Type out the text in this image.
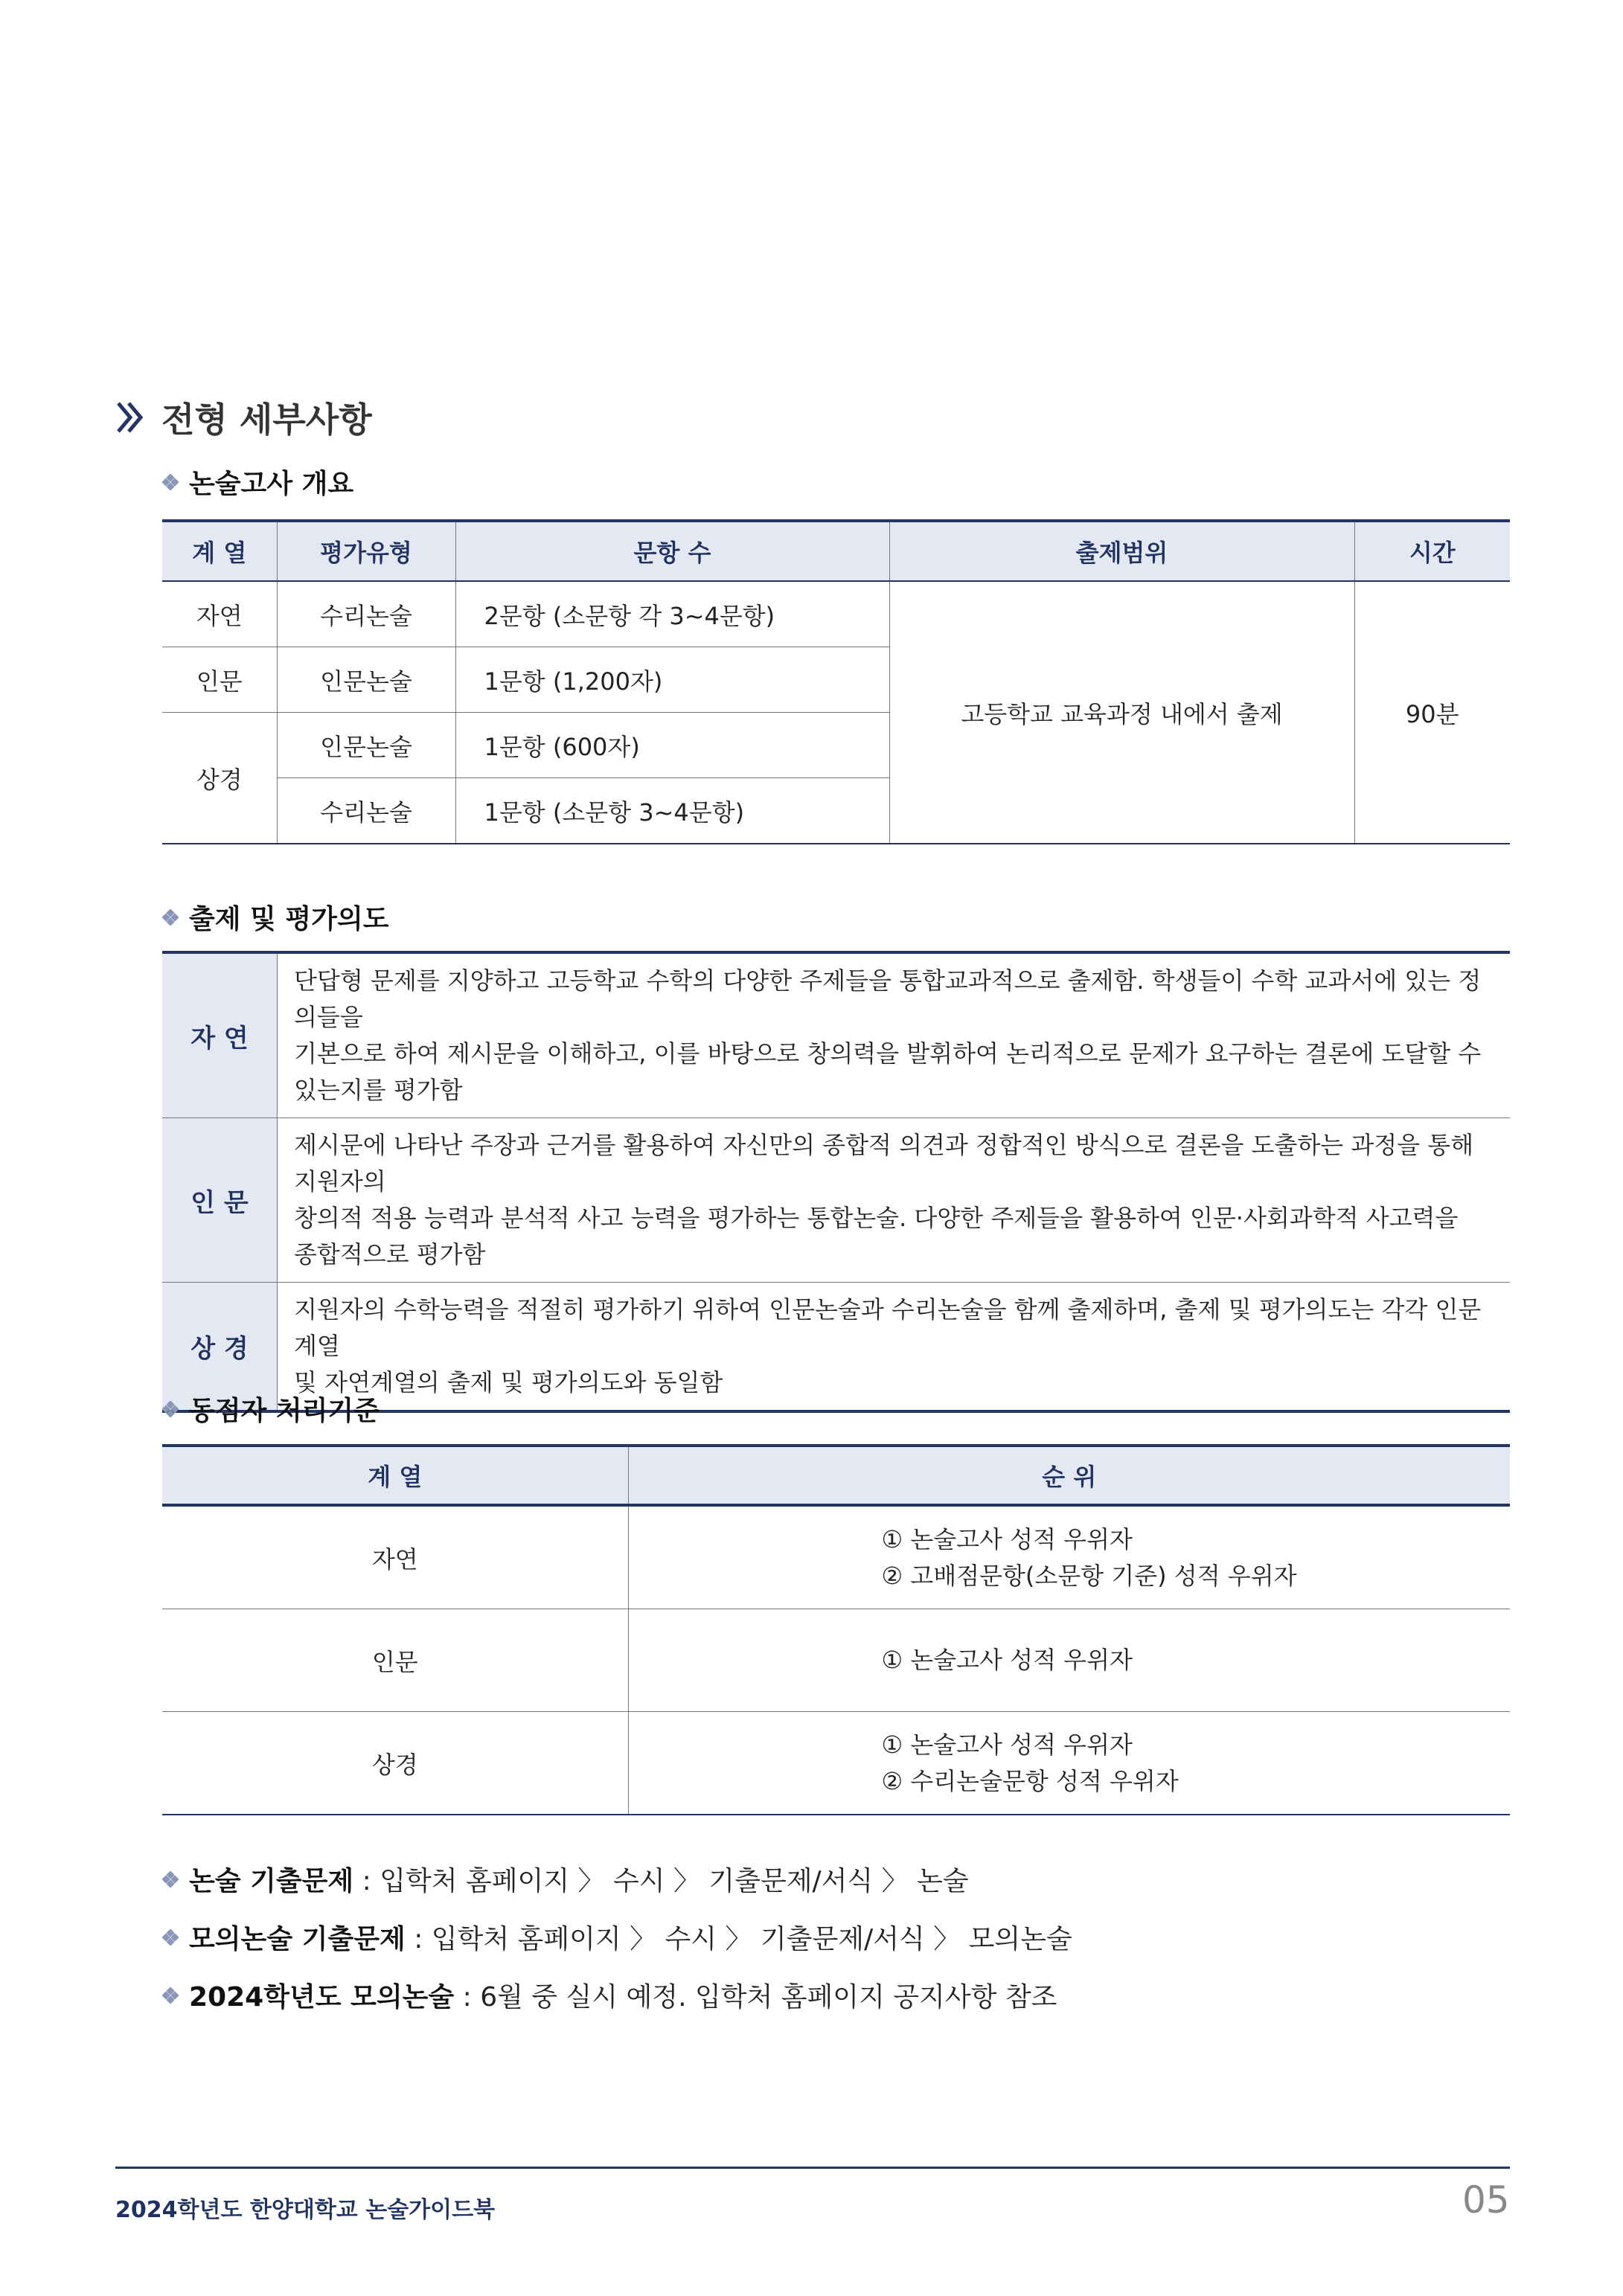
전형 세부사항
논술고사 개요
계 열	평가유형	문항 수	출제범위	시간
자연	수리논술	2문항 (소문항 각 3~4문항)	고등학교 교육과정 내에서 출제	90분
인문	인문논술	1문항 (1,200자)		
상경	인문논술	1문항 (600자)		
	수리논술	1문항 (소문항 3~4문항)		
출제 및 평가의도
자 연	단답형 문제를 지양하고 고등학교 수학의 다양한 주제들을 통합교과적으로 출제함. 학생들이 수학 교과서에 있는 정의들을
기본으로 하여 제시문을 이해하고, 이를 바탕으로 창의력을 발휘하여 논리적으로 문제가 요구하는 결론에 도달할 수
있는지를 평가함

인 문	제시문에 나타난 주장과 근거를 활용하여 자신만의 종합적 의견과 정합적인 방식으로 결론을 도출하는 과정을 통해 지원자의
창의적 적용 능력과 분석적 사고 능력을 평가하는 통합논술. 다양한 주제들을 활용하여 인문·사회과학적 사고력을
종합적으로 평가함

상 경	지원자의 수학능력을 적절히 평가하기 위하여 인문논술과 수리논술을 함께 출제하며, 출제 및 평가의도는 각각 인문계열
및 자연계열의 출제 및 평가의도와 동일함
동점자 처리기준
계 열	순 위
자연	① 논술고사 성적 우위자
② 고배점문항(소문항 기준) 성적 우위자

인문	① 논술고사 성적 우위자

상경	① 논술고사 성적 우위자
② 수리논술문항 성적 우위자
논술 기출문제 : 입학처 홈페이지 〉 수시 〉 기출문제/서식 〉 논술
모의논술 기출문제 : 입학처 홈페이지 〉 수시 〉 기출문제/서식 〉 모의논술
2024학년도 모의논술 : 6월 중 실시 예정. 입학처 홈페이지 공지사항 참조
2024학년도 한양대학교 논술가이드북	05
